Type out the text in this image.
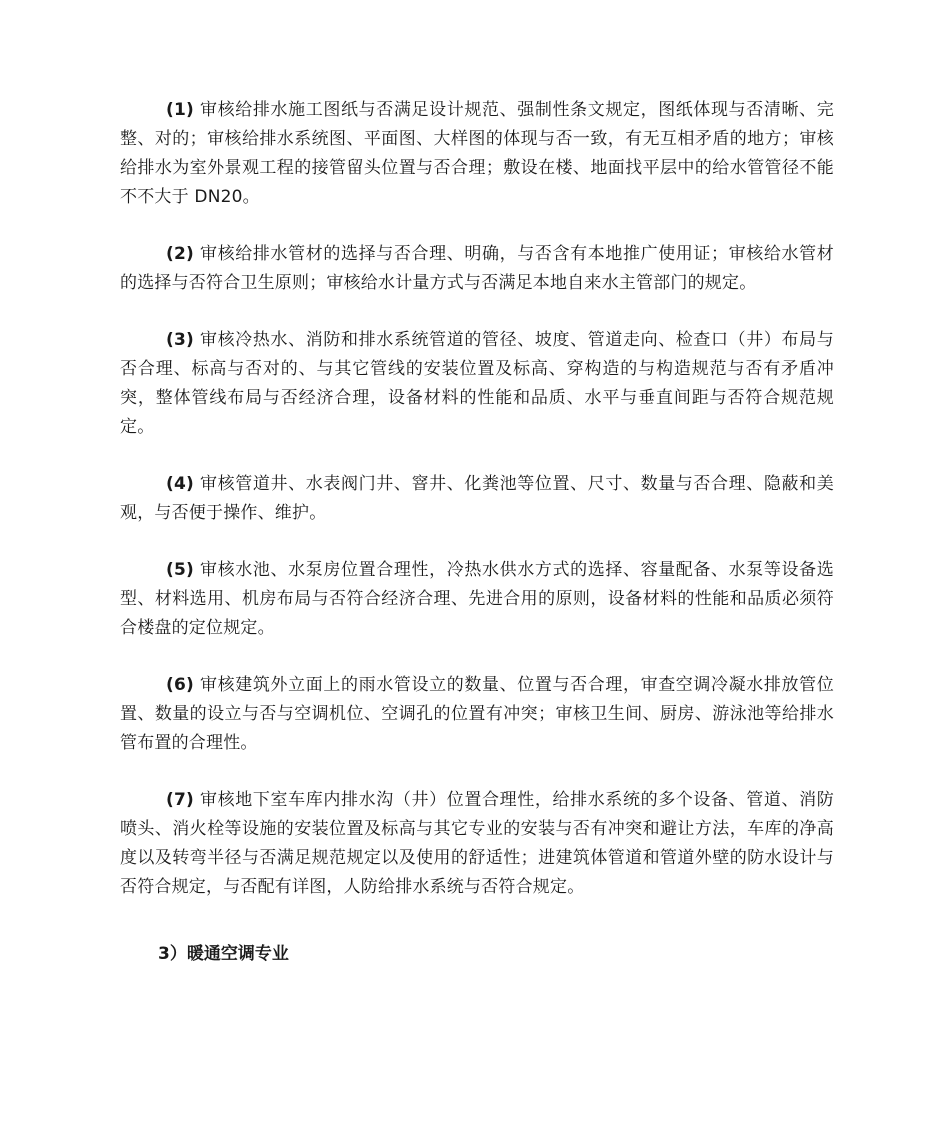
(1) 审核给排水施工图纸与否满足设计规范、强制性条文规定，图纸体现与否清晰、完整、对的；审核给排水系统图、平面图、大样图的体现与否一致，有无互相矛盾的地方；审核给排水为室外景观工程的接管留头位置与否合理；敷设在楼、地面找平层中的给水管管径不能不不大于 DN20。

(2) 审核给排水管材的选择与否合理、明确，与否含有本地推广使用证；审核给水管材的选择与否符合卫生原则；审核给水计量方式与否满足本地自来水主管部门的规定。

(3) 审核冷热水、消防和排水系统管道的管径、坡度、管道走向、检查口（井）布局与否合理、标高与否对的、与其它管线的安装位置及标高、穿构造的与构造规范与否有矛盾冲突，整体管线布局与否经济合理，设备材料的性能和品质、水平与垂直间距与否符合规范规定。

(4) 审核管道井、水表阀门井、窨井、化粪池等位置、尺寸、数量与否合理、隐蔽和美观，与否便于操作、维护。

(5) 审核水池、水泵房位置合理性，冷热水供水方式的选择、容量配备、水泵等设备选型、材料选用、机房布局与否符合经济合理、先进合用的原则，设备材料的性能和品质必须符合楼盘的定位规定。

(6) 审核建筑外立面上的雨水管设立的数量、位置与否合理，审查空调冷凝水排放管位置、数量的设立与否与空调机位、空调孔的位置有冲突；审核卫生间、厨房、游泳池等给排水管布置的合理性。

(7) 审核地下室车库内排水沟（井）位置合理性，给排水系统的多个设备、管道、消防喷头、消火栓等设施的安装位置及标高与其它专业的安装与否有冲突和避让方法，车库的净高度以及转弯半径与否满足规范规定以及使用的舒适性；进建筑体管道和管道外壁的防水设计与否符合规定，与否配有详图，人防给排水系统与否符合规定。

3）暖通空调专业
